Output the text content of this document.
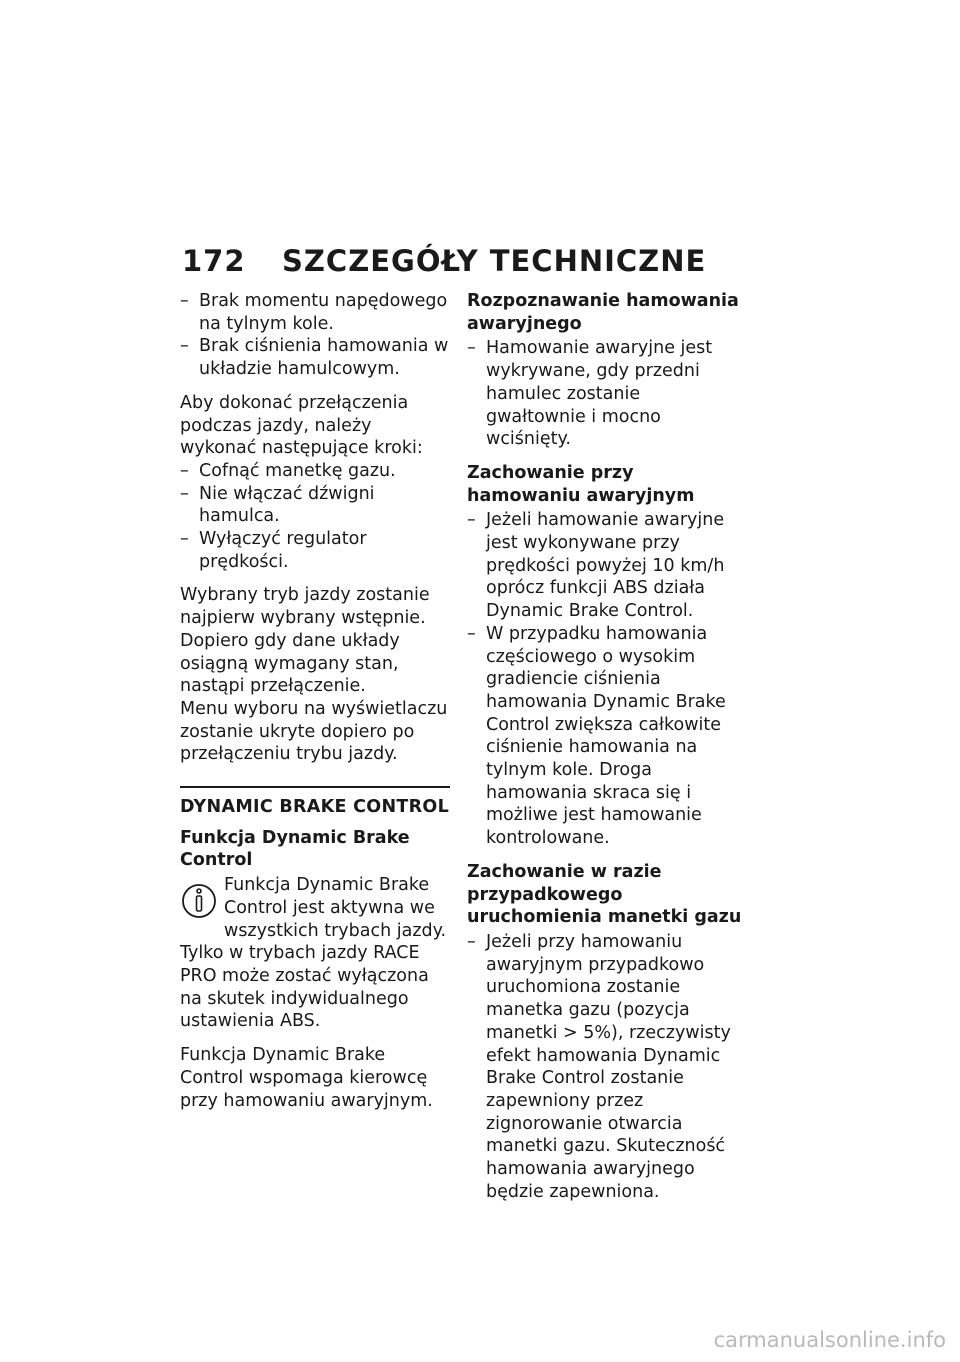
172 SZCZEGÓŁY TECHNICZNE
– Brak momentu napędowego na tylnym kole.
– Brak ciśnienia hamowania w układzie hamulcowym.

Aby dokonać przełączenia podczas jazdy, należy wykonać następujące kroki:

– Cofnąć manetkę gazu.
– Nie włączać dźwigni hamulca.
– Wyłączyć regulator prędkości.

Wybrany tryb jazdy zostanie najpierw wybrany wstępnie. Dopiero gdy dane układy osiągną wymagany stan, nastąpi przełączenie.

Menu wyboru na wyświetlaczu zostanie ukryte dopiero po przełączeniu trybu jazdy.

DYNAMIC BRAKE CONTROL
Funkcja Dynamic Brake Control

Funkcja Dynamic Brake Control jest aktywna we wszystkich trybach jazdy. Tylko w trybach jazdy RACE PRO może zostać wyłączona na skutek indywidualnego ustawienia ABS.

Funkcja Dynamic Brake Control wspomaga kierowcę przy hamowaniu awaryjnym.

Rozpoznawanie hamowania awaryjnego
– Hamowanie awaryjne jest wykrywane, gdy przedni hamulec zostanie gwałtownie i mocno wciśnięty.
Zachowanie przy hamowaniu awaryjnym
– Jeżeli hamowanie awaryjne jest wykonywane przy prędkości powyżej 10 km/h oprócz funkcji ABS działa Dynamic Brake Control.
– W przypadku hamowania częściowego o wysokim gradiencie ciśnienia hamowania Dynamic Brake Control zwiększa całkowite ciśnienie hamowania na tylnym kole. Droga hamowania skraca się i możliwe jest hamowanie kontrolowane.
Zachowanie w razie przypadkowego uruchomienia manetki gazu
– Jeżeli przy hamowaniu awaryjnym przypadkowo uruchomiona zostanie manetka gazu (pozycja manetki > 5%), rzeczywisty efekt hamowania Dynamic Brake Control zostanie zapewniony przez zignorowanie otwarcia manetki gazu. Skuteczność hamowania awaryjnego będzie zapewniona.
carmanualsonline.info
